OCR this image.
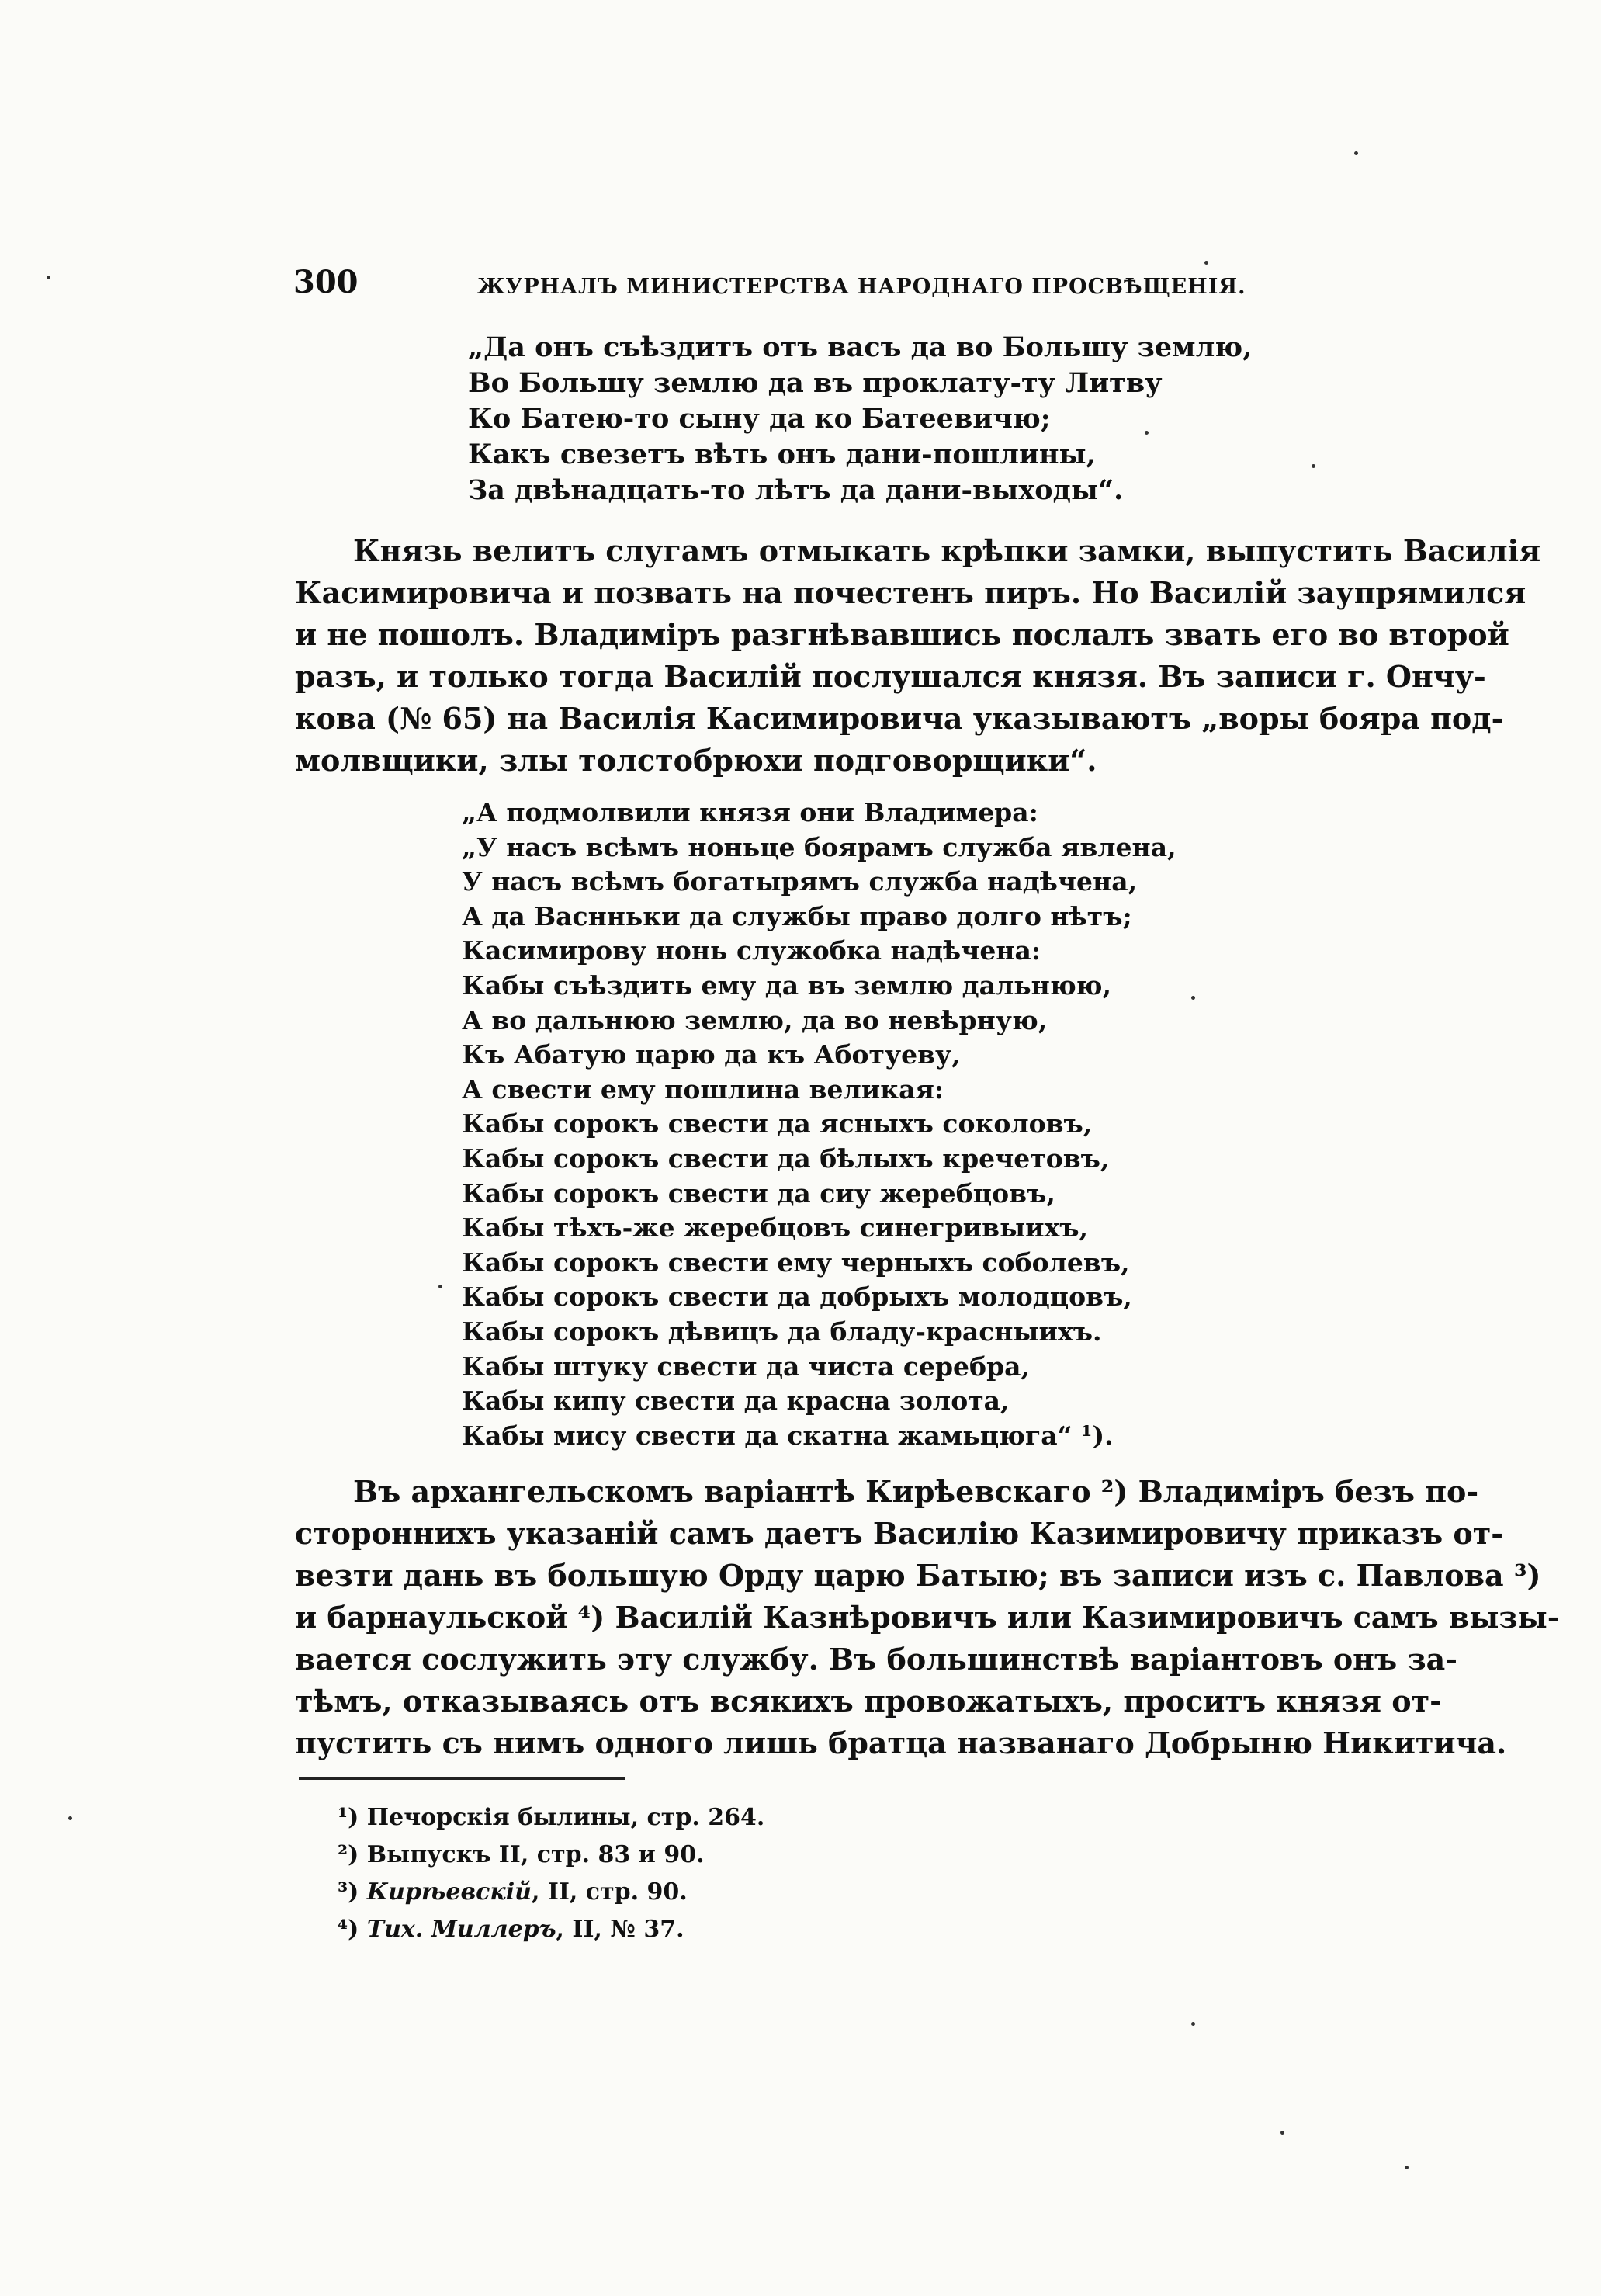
300	ЖУРНАЛЪ МИНИСТЕРСТВА НАРОДНАГО ПРОСВѢЩЕНІЯ.
„Да онъ съѣздитъ отъ васъ да во Большу землю,
Во Большу землю да въ проклату-ту Литву
Ко Батею-то сыну да ко Батеевичю;
Какъ свезетъ вѣть онъ дани-пошлины,
За двѣнадцать-то лѣтъ да дани-выходы“.
Князь велитъ слугамъ отмыкать крѣпки замки, выпустить Василія
Касимировича и позвать на почестенъ пиръ. Но Василій заупрямился
и не пошолъ. Владиміръ разгнѣвавшись послалъ звать его во второй
разъ, и только тогда Василій послушался князя. Въ записи г. Ончу-
кова (№ 65) на Василія Касимировича указываютъ „воры бояра под-
молвщики, злы толстобрюхи подговорщики“.
„А подмолвили князя они Владимера:
„У насъ всѣмъ ноньце боярамъ служба явлена,
У насъ всѣмъ богатырямъ служба надѣчена,
А да Васнньки да службы право долго нѣтъ;
Касимирову нонь служобка надѣчена:
Кабы съѣздить ему да въ землю дальнюю,
А во дальнюю землю, да во невѣрную,
Къ Абатую царю да къ Аботуеву,
А свести ему пошлина великая:
Кабы сорокъ свести да ясныхъ соколовъ,
Кабы сорокъ свести да бѣлыхъ кречетовъ,
Кабы сорокъ свести да сиу жеребцовъ,
Кабы тѣхъ-же жеребцовъ синегривыихъ,
Кабы сорокъ свести ему черныхъ соболевъ,
Кабы сорокъ свести да добрыхъ молодцовъ,
Кабы сорокъ дѣвицъ да бладу-красныихъ.
Кабы штуку свести да чиста серебра,
Кабы кипу свести да красна золота,
Кабы мису свести да скатна жамьцюга“ ¹).
Въ архангельскомъ варіантѣ Кирѣевскаго ²) Владиміръ безъ по-
стороннихъ указаній самъ даетъ Василію Казимировичу приказъ от-
везти дань въ большую Орду царю Батыю; въ записи изъ с. Павлова ³)
и барнаульской ⁴) Василій Казнѣровичъ или Казимировичъ самъ вызы-
вается сослужить эту службу. Въ большинствѣ варіантовъ онъ за-
тѣмъ, отказываясь отъ всякихъ провожатыхъ, проситъ князя от-
пустить съ нимъ одного лишь братца названаго Добрыню Никитича.
¹) Печорскія былины, стр. 264.
²) Выпускъ II, стр. 83 и 90.
³) Кирѣевскій, II, стр. 90.
⁴) Тих. Миллеръ, II, № 37.
